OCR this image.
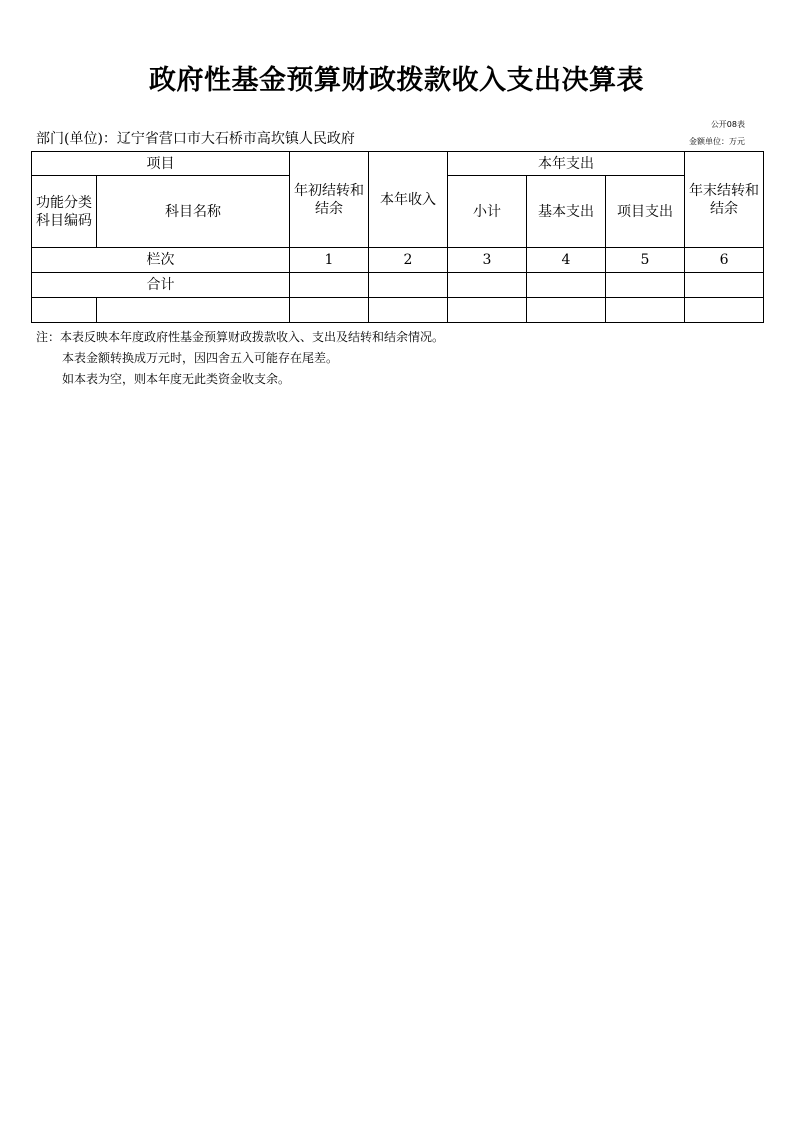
政府性基金预算财政拨款收入支出决算表
公开08表
部门(单位)：辽宁省营口市大石桥市高坎镇人民政府	金额单位：万元
项目		年初结转和结余	本年收入	本年支出			年末结转和结余
功能分类科目编码	科目名称			小计	基本支出	项目支出	
栏次		1	2	3	4	5	6
合计							

注：本表反映本年度政府性基金预算财政拨款收入、支出及结转和结余情况。
本表金额转换成万元时，因四舍五入可能存在尾差。
如本表为空，则本年度无此类资金收支余。
